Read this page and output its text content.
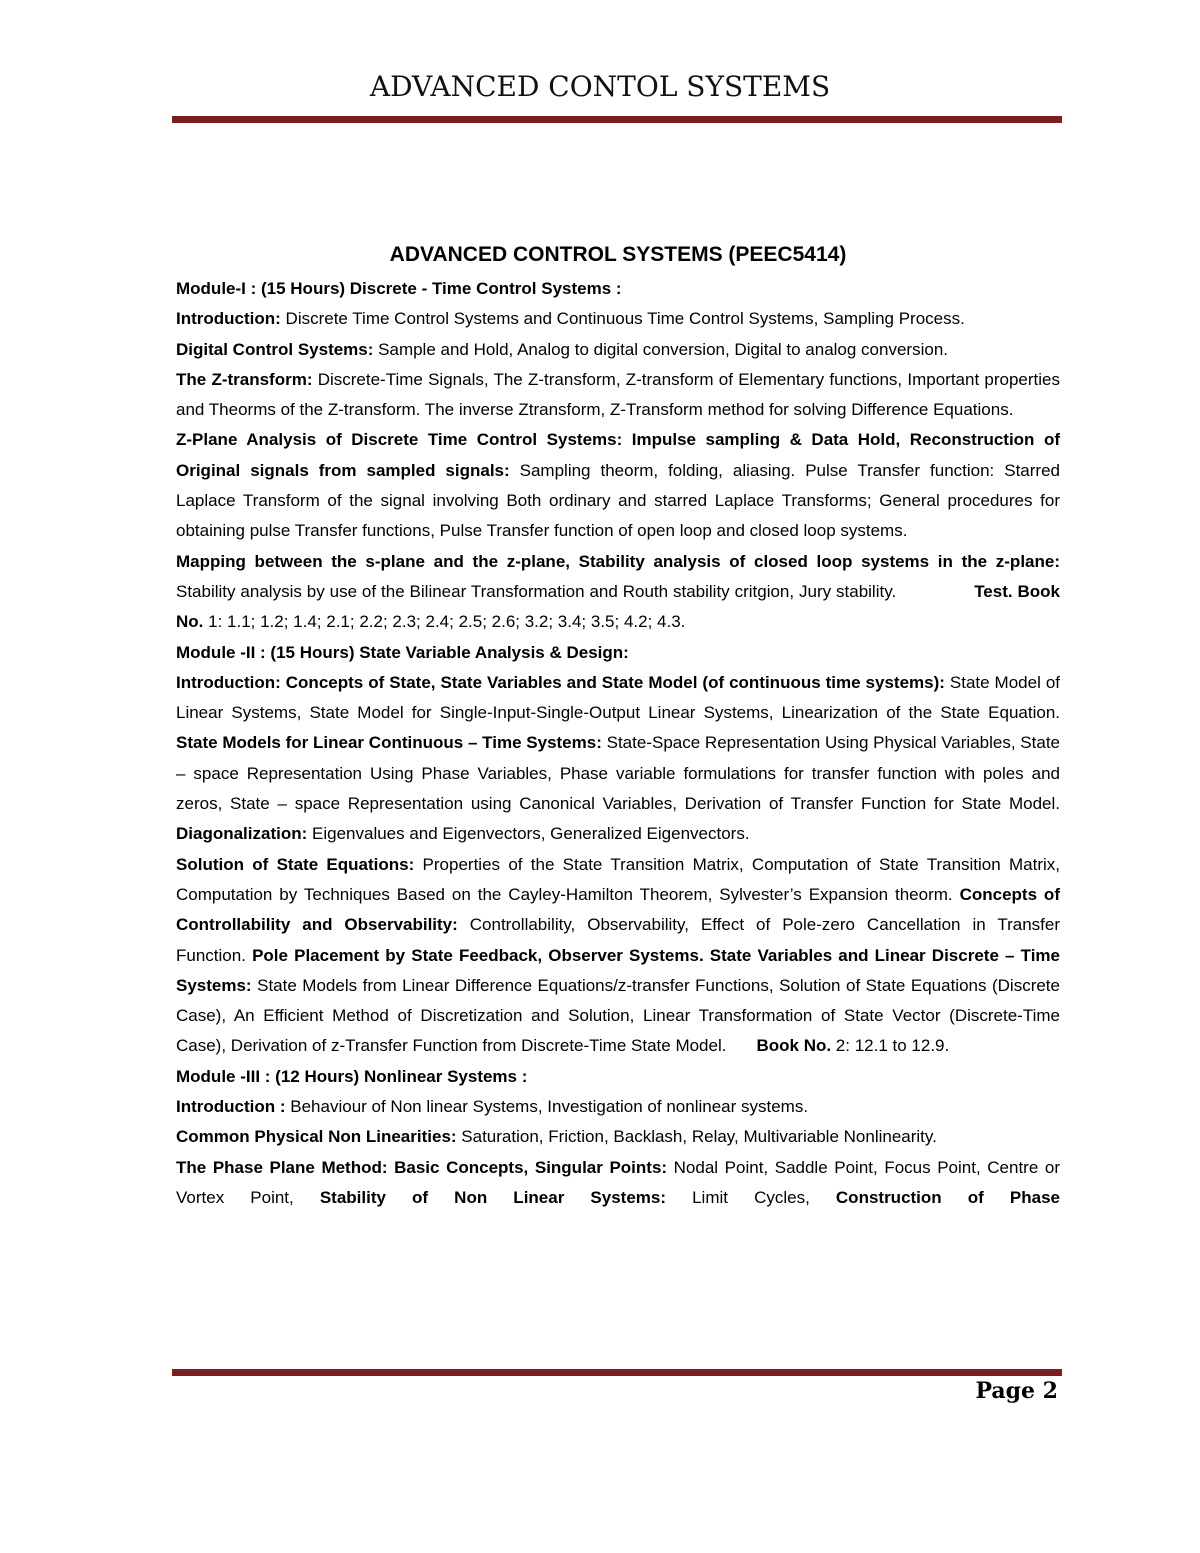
ADVANCED CONTOL SYSTEMS
ADVANCED CONTROL SYSTEMS (PEEC5414)

Module-I : (15 Hours) Discrete - Time Control Systems :

Introduction: Discrete Time Control Systems and Continuous Time Control Systems, Sampling Process.

Digital Control Systems: Sample and Hold, Analog to digital conversion, Digital to analog conversion.

The Z-transform: Discrete-Time Signals, The Z-transform, Z-transform of Elementary functions, Important properties and Theorms of the Z-transform. The inverse Ztransform, Z-Transform method for solving Difference Equations.

Z-Plane Analysis of Discrete Time Control Systems: Impulse sampling & Data Hold, Reconstruction of Original signals from sampled signals: Sampling theorm, folding, aliasing. Pulse Transfer function: Starred Laplace Transform of the signal involving Both ordinary and starred Laplace Transforms; General procedures for obtaining pulse Transfer functions, Pulse Transfer function of open loop and closed loop systems.

Mapping between the s-plane and the z-plane, Stability analysis of closed loop systems in the z-plane: Stability analysis by use of the Bilinear Transformation and Routh stability critgion, Jury stability.	Test. Book No. 1: 1.1; 1.2; 1.4; 2.1; 2.2; 2.3; 2.4; 2.5; 2.6; 3.2; 3.4; 3.5; 4.2; 4.3.

Module -II : (15 Hours) State Variable Analysis & Design:

Introduction: Concepts of State, State Variables and State Model (of continuous time systems): State Model of Linear Systems, State Model for Single-Input-Single-Output Linear Systems, Linearization of the State Equation. State Models for Linear Continuous – Time Systems: State-Space Representation Using Physical Variables, State – space Representation Using Phase Variables, Phase variable formulations for transfer function with poles and zeros, State – space Representation using Canonical Variables, Derivation of Transfer Function for State Model. Diagonalization: Eigenvalues and Eigenvectors, Generalized Eigenvectors.

Solution of State Equations: Properties of the State Transition Matrix, Computation of State Transition Matrix, Computation by Techniques Based on the Cayley-Hamilton Theorem, Sylvester’s Expansion theorm. Concepts of Controllability and Observability: Controllability, Observability, Effect of Pole-zero Cancellation in Transfer Function. Pole Placement by State Feedback, Observer Systems. State Variables and Linear Discrete – Time Systems: State Models from Linear Difference Equations/z-transfer Functions, Solution of State Equations (Discrete Case), An Efficient Method of Discretization and Solution, Linear Transformation of State Vector (Discrete-Time Case), Derivation of z-Transfer Function from Discrete-Time State Model. Book No. 2: 12.1 to 12.9.

Module -III : (12 Hours) Nonlinear Systems :

Introduction : Behaviour of Non linear Systems, Investigation of nonlinear systems.

Common Physical Non Linearities: Saturation, Friction, Backlash, Relay, Multivariable Nonlinearity.

The Phase Plane Method: Basic Concepts, Singular Points: Nodal Point, Saddle Point, Focus Point, Centre or Vortex Point, Stability of Non Linear Systems: Limit Cycles, Construction of Phase

Page 2
